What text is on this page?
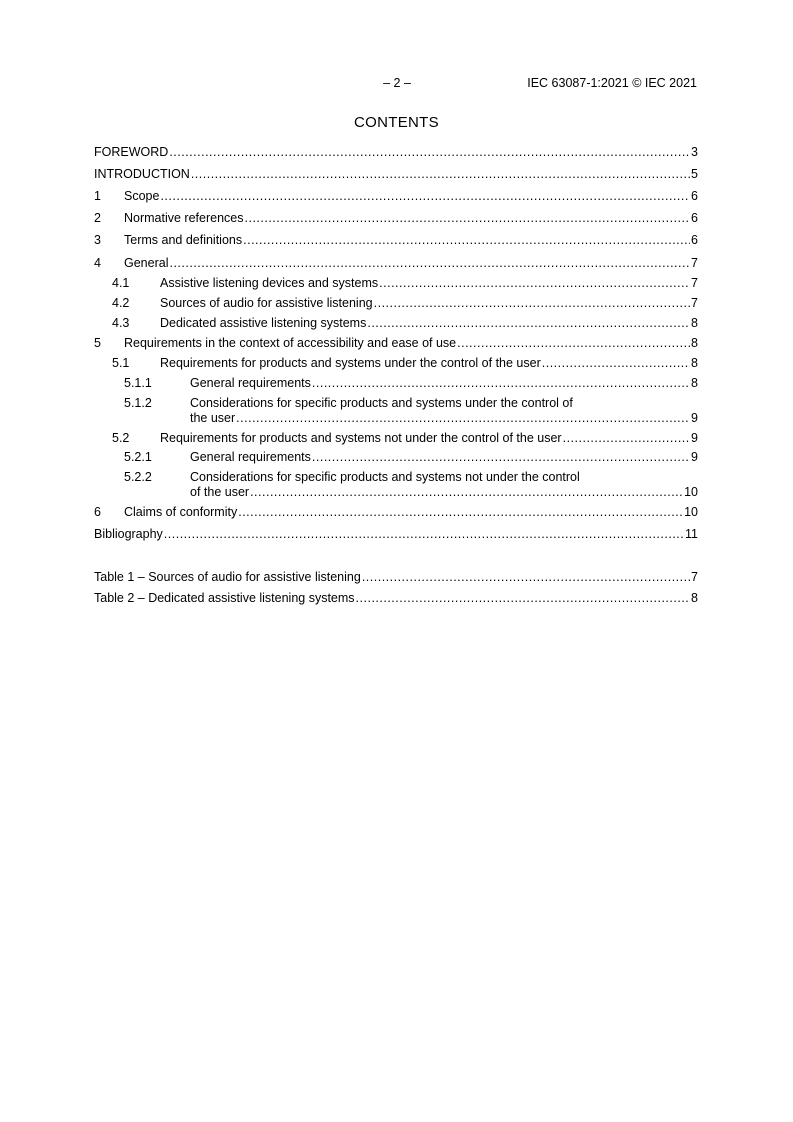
– 2 –	IEC 63087-1:2021 © IEC 2021
CONTENTS
FOREWORD .....	3
INTRODUCTION .....	5
1 Scope .....	6
2 Normative references .....	6
3 Terms and definitions .....	6
4 General .....	7
4.1 Assistive listening devices and systems .....	7
4.2 Sources of audio for assistive listening .....	7
4.3 Dedicated assistive listening systems .....	8
5 Requirements in the context of accessibility and ease of use .....	8
5.1 Requirements for products and systems under the control of the user .....	8
5.1.1	General requirements .....	8
5.1.2	Considerations for specific products and systems under the control of
the user .....	9
5.2 Requirements for products and systems not under the control of the user .....	9
5.2.1	General requirements .....	9
5.2.2	Considerations for specific products and systems not under the control
of the user .....	10
6 Claims of conformity .....	10
Bibliography .....	11
Table 1 – Sources of audio for assistive listening .....	7
Table 2 – Dedicated assistive listening systems .....	8
